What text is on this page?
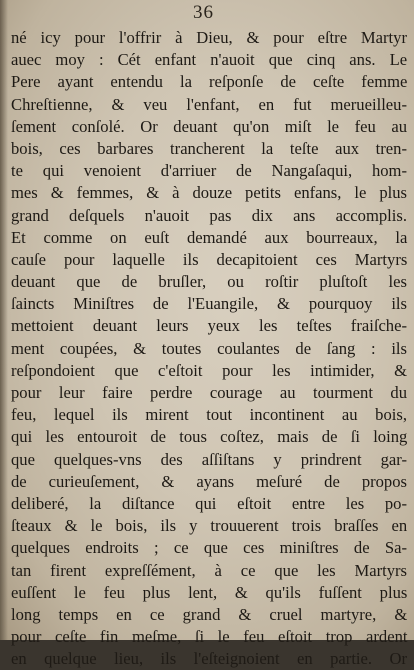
36
né icy pour l'offrir à Dieu, & pour eſtre Martyr
auec moy : Cét enfant n'auoit que cinq ans. Le
Pere ayant entendu la reſponſe de ceſte femme
Chreſtienne, & veu l'enfant, en fut merueilleu-
ſement conſolé. Or deuant qu'on miſt le feu au
bois, ces barbares trancherent la teſte aux tren-
te qui venoient d'arriuer de Nangaſaqui, hom-
mes & femmes, & à douze petits enfans, le plus
grand deſquels n'auoit pas dix ans accomplis.
Et comme on euſt demandé aux bourreaux, la
cauſe pour laquelle ils decapitoient ces Martyrs
deuant que de bruſler, ou roſtir pluſtoſt les
ſaincts Miniſtres de l'Euangile, & pourquoy ils
mettoient deuant leurs yeux les teſtes fraiſche-
ment coupées, & toutes coulantes de ſang : ils
reſpondoient que c'eſtoit pour les intimider, &
pour leur faire perdre courage au tourment du
feu, lequel ils mirent tout incontinent au bois,
qui les entouroit de tous coſtez, mais de ſi loing
que quelques-vns des aſſiſtans y prindrent gar-
de curieuſement, & ayans meſuré de propos
deliberé, la diſtance qui eſtoit entre les po-
ſteaux & le bois, ils y trouuerent trois braſſes en
quelques endroits ; ce que ces miniſtres de Sa-
tan firent expreſſément, à ce que les Martyrs
euſſent le feu plus lent, & qu'ils fuſſent plus
long temps en ce grand & cruel martyre, &
pour ceſte fin meſme, ſi le feu eſtoit trop ardent
en quelque lieu, ils l'eſteignoient en partie. Or
